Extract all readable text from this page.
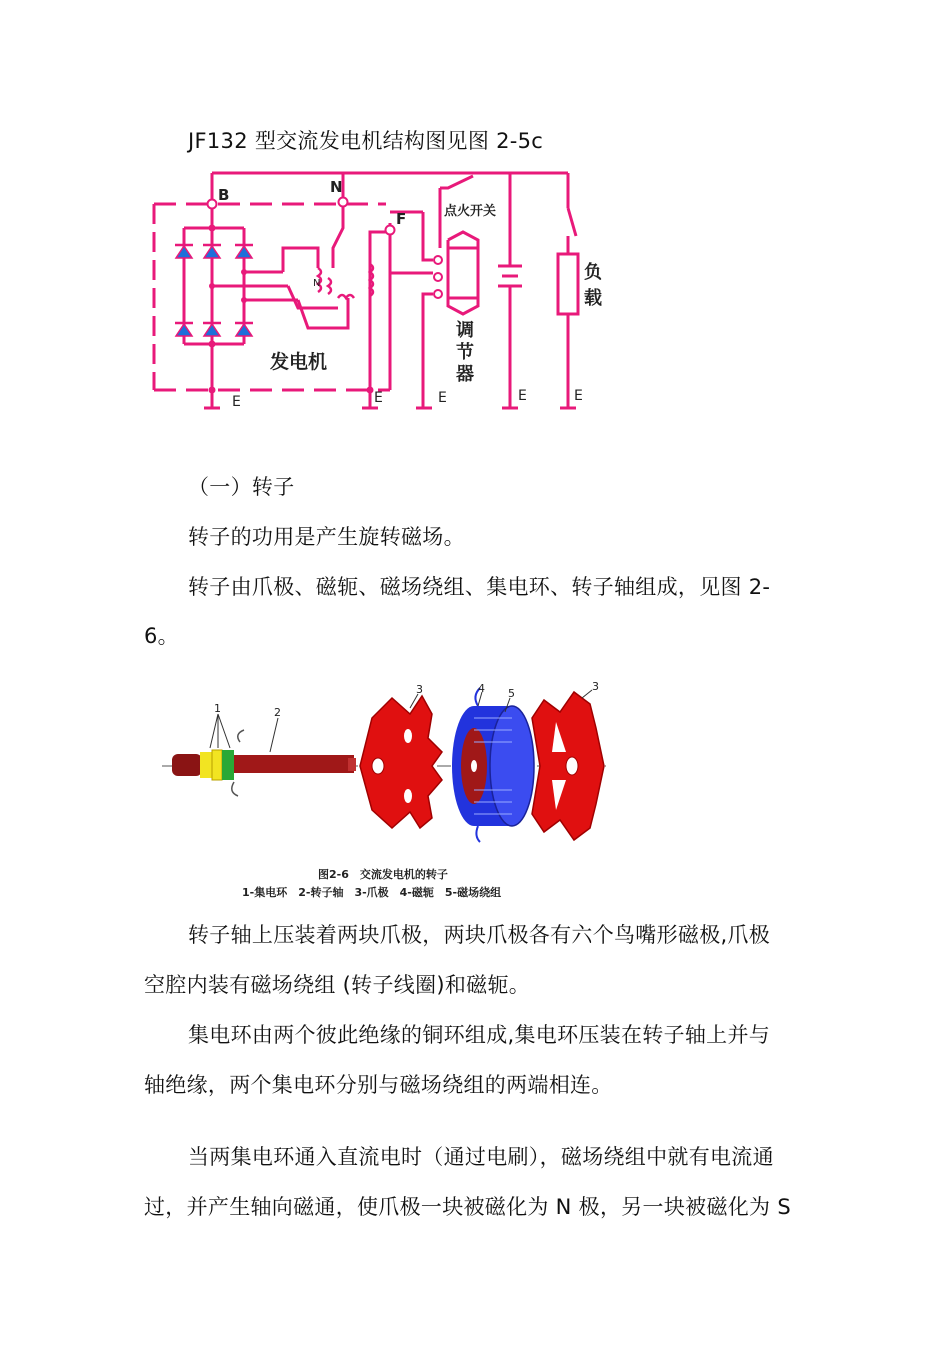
JF132 型交流发电机结构图见图 2-5c
B	N
F
N
点火开关
发电机
调
节
器
负
载
E	E	E	E	E
（一）转子
转子的功用是产生旋转磁场。
转子由爪极、磁轭、磁场绕组、集电环、转子轴组成，见图 2-
6。
1	2
3	4 5
3
图2-6　交流发电机的转子
1-集电环　2-转子轴　3-爪极　4-磁轭　5-磁场绕组
转子轴上压装着两块爪极，两块爪极各有六个鸟嘴形磁极,爪极
空腔内装有磁场绕组 (转子线圈)和磁轭。
集电环由两个彼此绝缘的铜环组成,集电环压装在转子轴上并与
轴绝缘，两个集电环分别与磁场绕组的两端相连。
当两集电环通入直流电时（通过电刷），磁场绕组中就有电流通
过，并产生轴向磁通，使爪极一块被磁化为 N 极，另一块被磁化为 S
